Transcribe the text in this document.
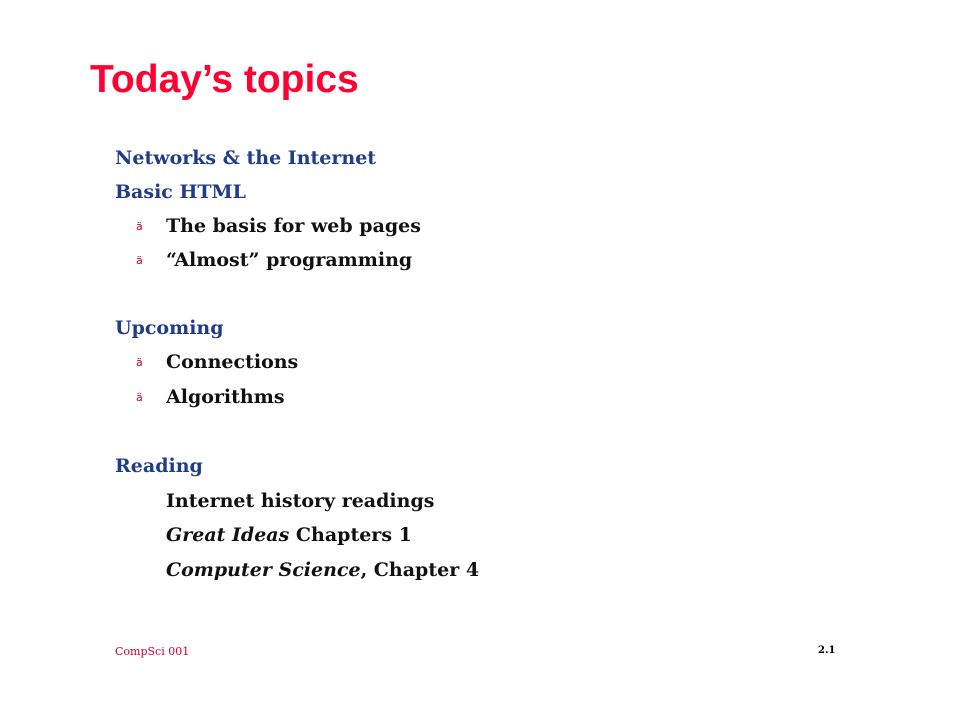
Today’s topics
Networks & the Internet
Basic HTML
ä The basis for web pages
ä “Almost” programming
Upcoming
ä Connections
ä Algorithms
Reading
Internet history readings
Great Ideas Chapters 1
Computer Science, Chapter 4
CompSci 001	2.1
